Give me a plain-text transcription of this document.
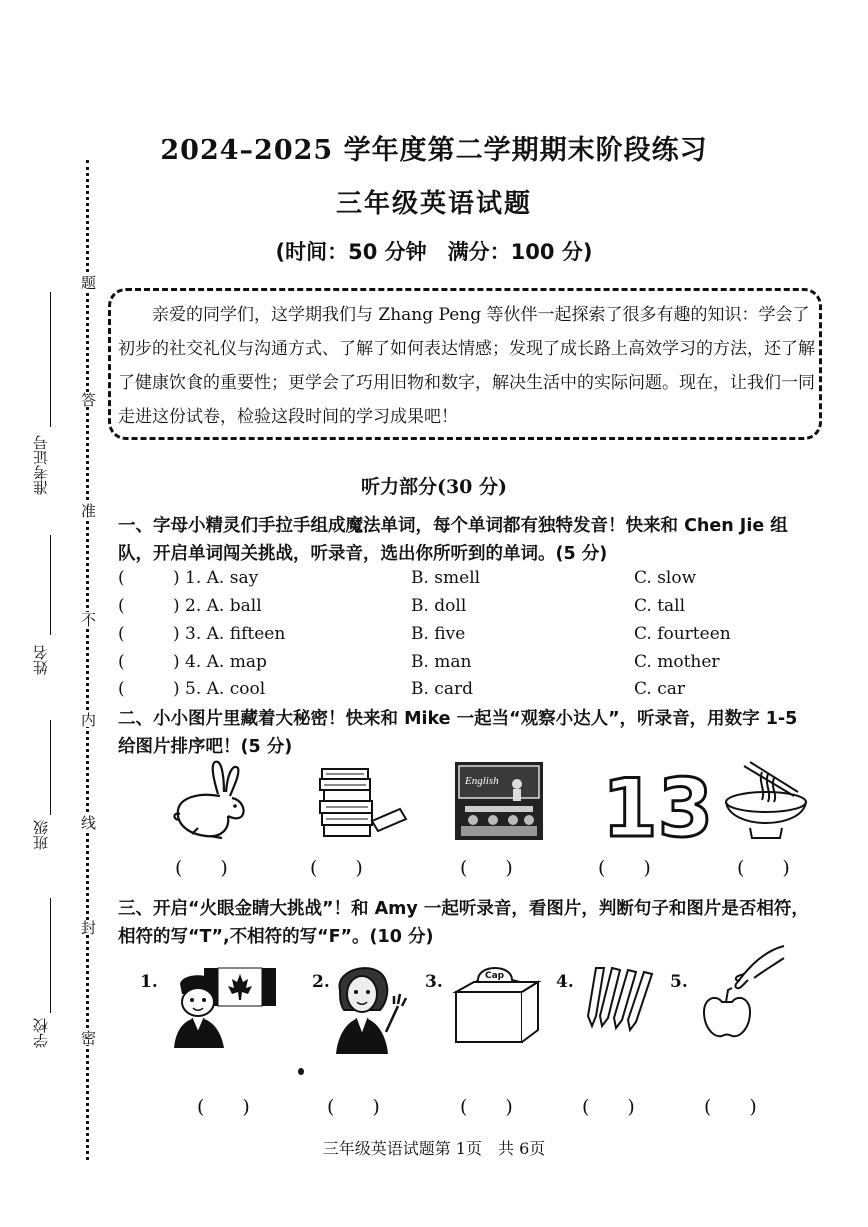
题
答
准
不
内
线
封
密
学校
班级
姓名
准考证号
2024–2025 学年度第二学期期末阶段练习
三年级英语试题
(时间：50 分钟　满分：100 分)
亲爱的同学们，这学期我们与 Zhang Peng 等伙伴一起探索了很多有趣的知识：学会了初步的社交礼仪与沟通方式、了解了如何表达情感；发现了成长路上高效学习的方法，还了解了健康饮食的重要性；更学会了巧用旧物和数字，解决生活中的实际问题。现在，让我们一同走进这份试卷，检验这段时间的学习成果吧！
听力部分(30 分)
一、字母小精灵们手拉手组成魔法单词，每个单词都有独特发音！快来和 Chen Jie 组队，开启单词闯关挑战，听录音，选出你所听到的单词。(5 分)
(	) 1. A. say	B. smell	C. slow
(	) 2. A. ball	B. doll	C. tall
(	) 3. A. fifteen	B. five	C. fourteen
(	) 4. A. map	B. man	C. mother
(	) 5. A. cool	B. card	C. car
二、小小图片里藏着大秘密！快来和 Mike 一起当“观察小达人”，听录音，用数字 1-5 给图片排序吧！(5 分)
English 13
(　　)	(　　)	(　　)	(　　)	(　　)
三、开启“火眼金睛大挑战”！和 Amy 一起听录音，看图片，判断句子和图片是否相符，相符的写“T”,不相符的写“F”。(10 分)
1.	2.	3.	4.	5.
Cap
(　　)	(　　)	(　　)	(　　)	(　　)
三年级英语试题第 1页　共 6页
